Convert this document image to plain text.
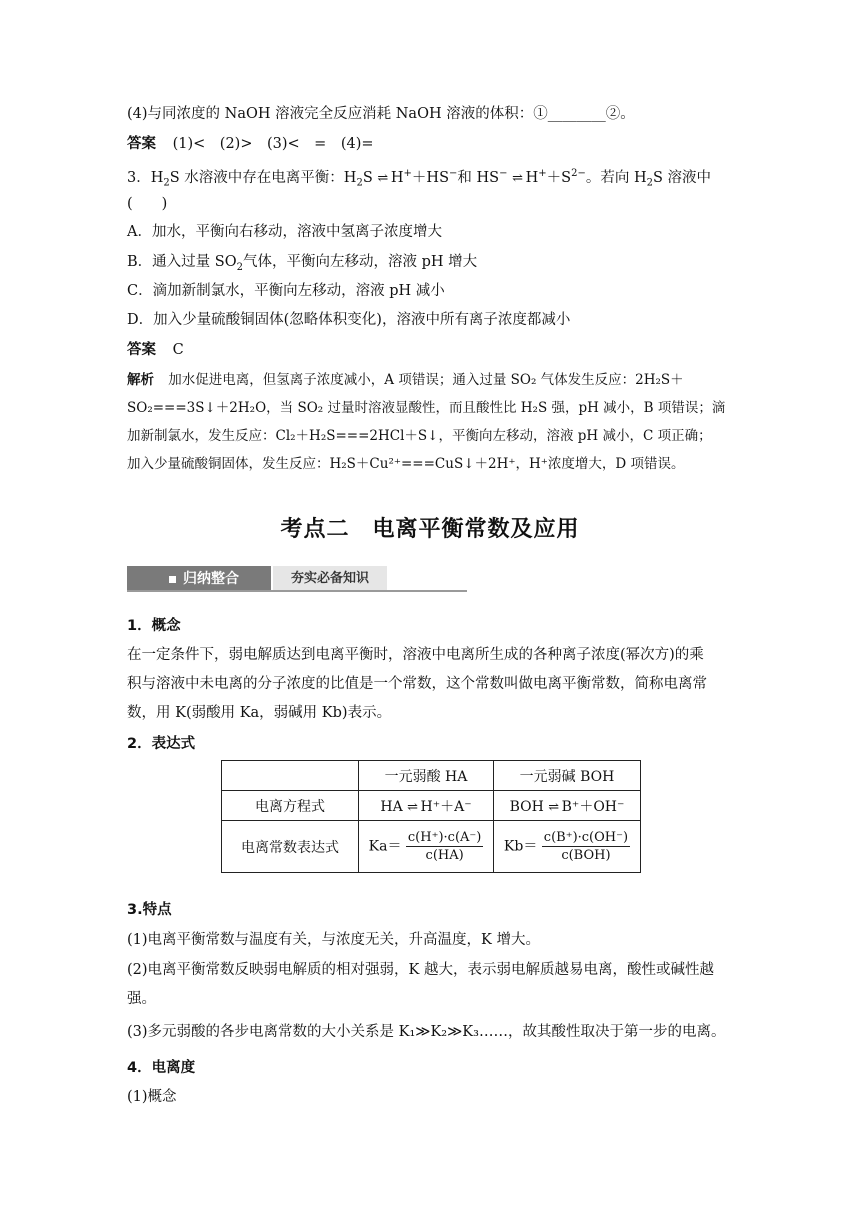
(4)与同浓度的 NaOH 溶液完全反应消耗 NaOH 溶液的体积：①________②。
答案 (1)<　(2)>　(3)<　=　(4)=
3．$H_2S$ 水溶液中存在电离平衡：$H_2S$ ⇌ H+＋HS−和 HS− ⇌ $H^++S^{2-}$。若向 $H_2S$ 溶液中
(　　)
A．加水，平衡向右移动，溶液中氢离子浓度增大
B．通入过量 $SO_2$气体，平衡向左移动，溶液 pH 增大
C．滴加新制氯水，平衡向左移动，溶液 pH 减小
D．加入少量硫酸铜固体(忽略体积变化)，溶液中所有离子浓度都减小
答案 C
解析 加水促进电离，但氢离子浓度减小，A 项错误；通入过量 SO₂ 气体发生反应：2H₂S＋
SO₂===3S↓＋2H₂O，当 SO₂ 过量时溶液显酸性，而且酸性比 H₂S 强，pH 减小，B 项错误；滴
加新制氯水，发生反应：Cl₂＋H₂S===2HCl＋S↓，平衡向左移动，溶液 pH 减小，C 项正确；
加入少量硫酸铜固体，发生反应：H₂S＋Cu²⁺===CuS↓＋2H⁺，H⁺浓度增大，D 项错误。
考点二　电离平衡常数及应用
归纳整合	夯实必备知识
1．概念
在一定条件下，弱电解质达到电离平衡时，溶液中电离所生成的各种离子浓度(幂次方)的乘
积与溶液中未电离的分子浓度的比值是一个常数，这个常数叫做电离平衡常数，简称电离常
数，用 K(弱酸用 Ka，弱碱用 Kb)表示。
2．表达式
	一元弱酸 HA	一元弱碱 BOH
电离方程式	HA ⇌ H⁺＋A⁻	BOH ⇌ B⁺＋OH⁻
电离常数表达式	$Ka= \frac{c(H^+)\cdot c(A^-)}{c(HA)}$	$Kb= \frac{c(B^+)\cdot c(OH^-)}{\text{c(BOH)}}$
3.特点
(1)电离平衡常数与温度有关，与浓度无关，升高温度，K 增大。
(2)电离平衡常数反映弱电解质的相对强弱，K 越大，表示弱电解质越易电离，酸性或碱性越
强。
(3)多元弱酸的各步电离常数的大小关系是 K₁≫K₂≫K₃……，故其酸性取决于第一步的电离。
4．电离度
(1)概念
